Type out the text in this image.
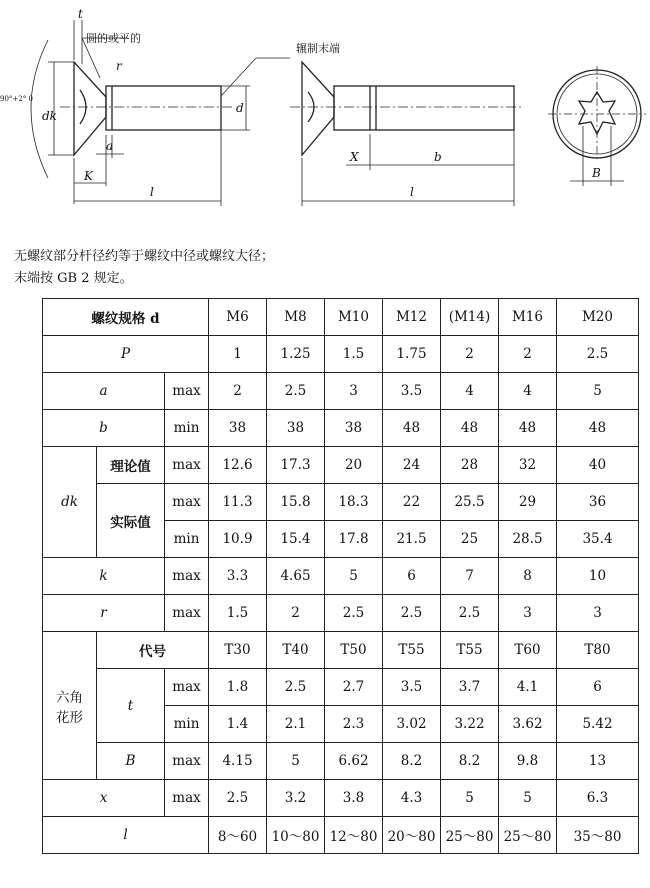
圆的或平的
辗制末端
90°+2° 0
t
r
dk
d
a
K
l
X	b
l
B
无螺纹部分杆径约等于螺纹中径或螺纹大径；
末端按 GB 2 规定。
螺纹规格 d			M6	M8	M10	M12	(M14)	M16	M20
P			1	1.25	1.5	1.75	2	2	2.5
a		max	2	2.5	3	3.5	4	4	5
b		min	38	38	38	48	48	48	48
dk	理论值	max	12.6	17.3	20	24	28	32	40
	实际值	max	11.3	15.8	18.3	22	25.5	29	36
		min	10.9	15.4	17.8	21.5	25	28.5	35.4
k		max	3.3	4.65	5	6	7	8	10
r		max	1.5	2	2.5	2.5	2.5	3	3
六角
花形	代号		T30	T40	T50	T55	T55	T60	T80
	t	max	1.8	2.5	2.7	3.5	3.7	4.1	6
		min	1.4	2.1	2.3	3.02	3.22	3.62	5.42
	B	max	4.15	5	6.62	8.2	8.2	9.8	13
x		max	2.5	3.2	3.8	4.3	5	5	6.3
l			8～60	10～80	12～80	20～80	25～80	25～80	35～80
